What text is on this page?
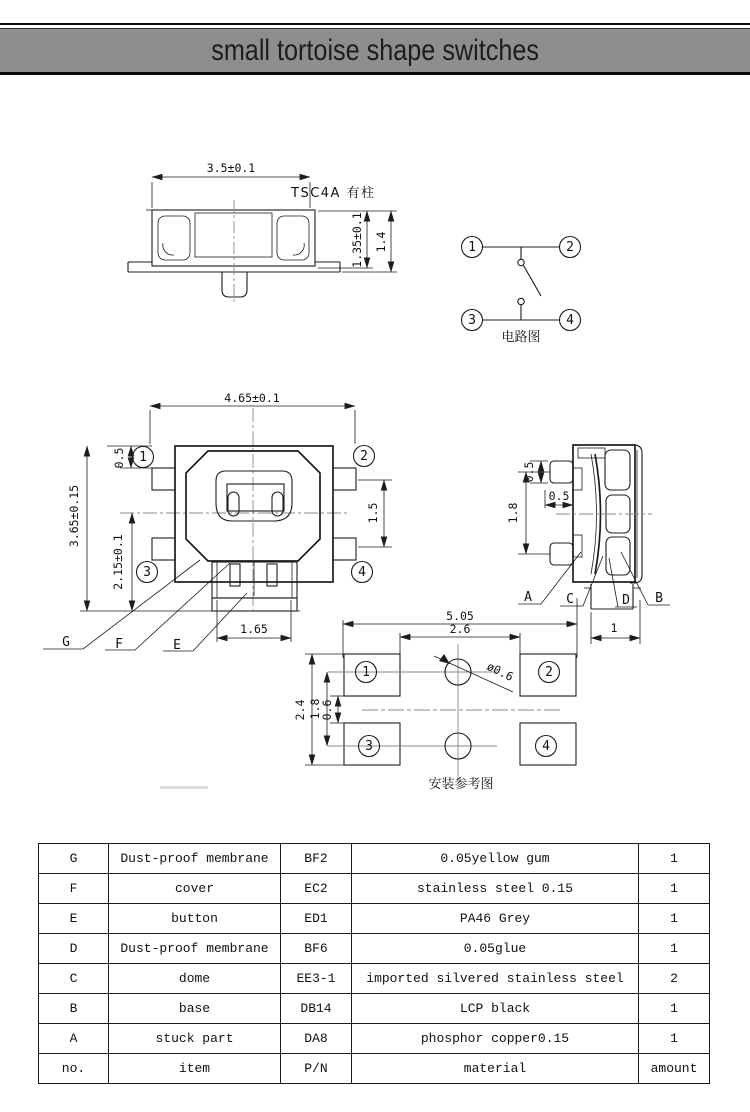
small tortoise shape switches
3.5±0.1
TSC4A 有柱
1.35±0.1 1.4	1	2
3	4
电路图
4.65±0.1
1	2
3	4
0.5
3.65±0.15
2.15±0.1
1.5
1.65
G	F	E
0.5
0.5
1.8
1
A	C	D B
5.05
2.6
1	2
3	4
ø0.6
2.4 1.8
0.6
安装参考图
G	Dust-proof membrane	BF2	0.05yellow gum	1
F	cover	EC2	stainless steel 0.15	1
E	button	ED1	PA46 Grey	1
D	Dust-proof membrane	BF6	0.05glue	1
C	dome	EE3-1	imported silvered stainless steel	2
B	base	DB14	LCP black	1
A	stuck part	DA8	phosphor copper0.15	1
no.	item	P/N	material	amount
